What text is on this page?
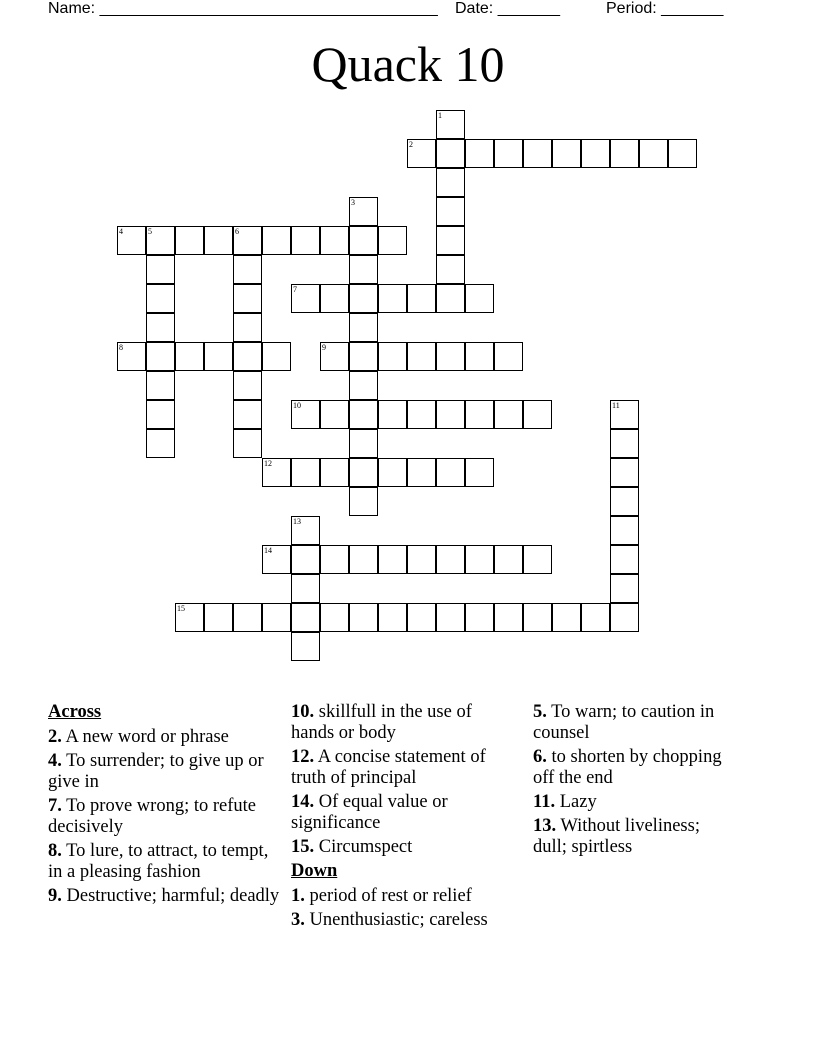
Name: ______________________________________

Date: _______

	Period: _______

Quack 10
1
2
3
4	5	6
7
8	9
10	11
12
13
14
15
Across
2. A new word or phrase
4. To surrender; to give up or give in
7. To prove wrong; to refute decisively
8. To lure, to attract, to tempt, in a pleasing fashion
9. Destructive; harmful; deadly
10. skillfull in the use of hands or body
12. A concise statement of truth of principal
14. Of equal value or significance
15. Circumspect
Down
1. period of rest or relief
3. Unenthusiastic; careless
5. To warn; to caution in counsel
6. to shorten by chopping off the end
11. Lazy
13. Without liveliness; dull; spirtless
